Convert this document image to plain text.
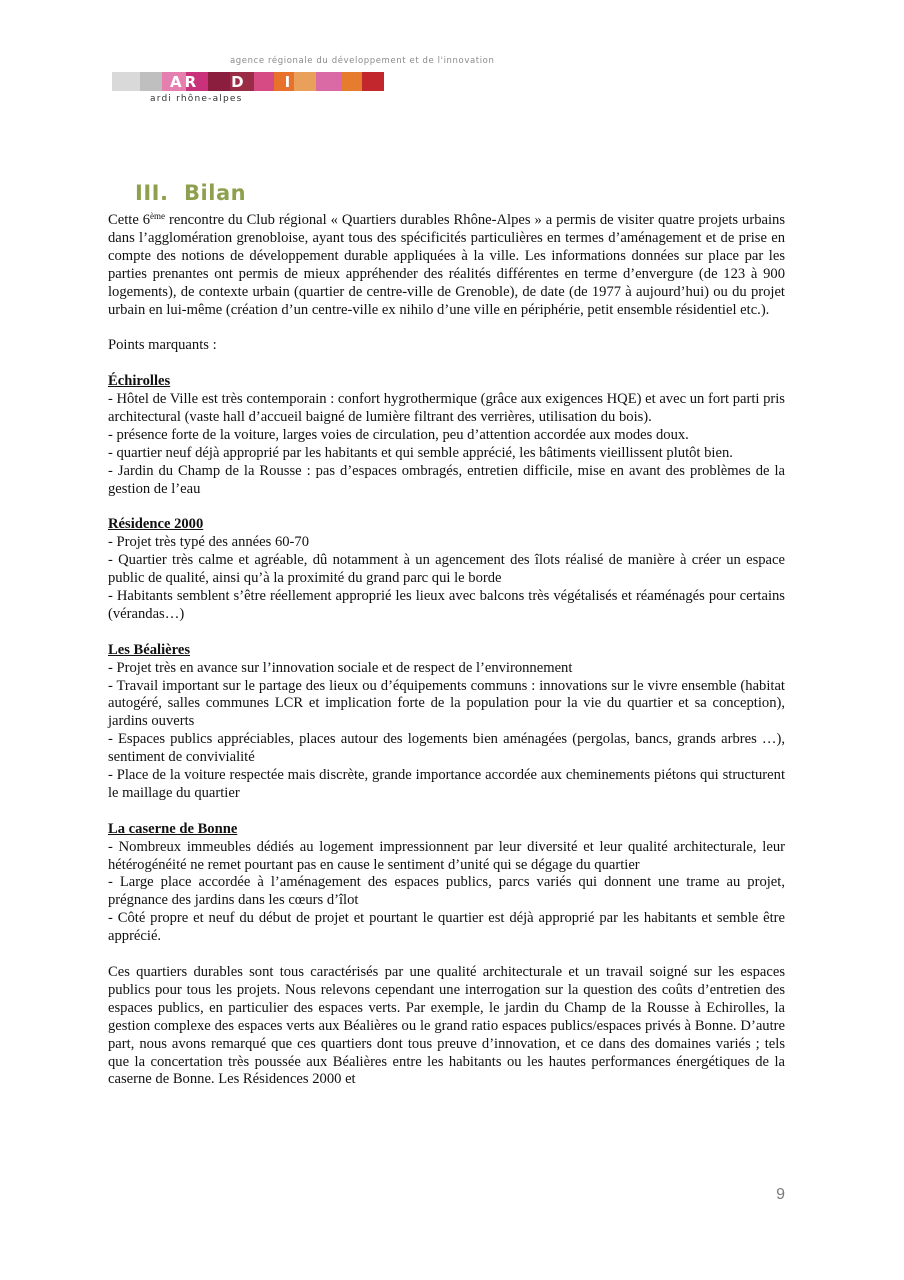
agence régionale du développement et de l'innovation
A R D	I
ardi rhône-alpes
III. Bilan

Cette 6ème rencontre du Club régional « Quartiers durables Rhône-Alpes » a permis de visiter quatre projets urbains dans l’agglomération grenobloise, ayant tous des spécificités particulières en termes d’aménagement et de prise en compte des notions de développement durable appliquées à la ville. Les informations données sur place par les parties prenantes ont permis de mieux appréhender des réalités différentes en terme d’envergure (de 123 à 900 logements), de contexte urbain (quartier de centre-ville de Grenoble), de date (de 1977 à aujourd’hui) ou du projet urbain en lui-même (création d’un centre-ville ex nihilo d’une ville en périphérie, petit ensemble résidentiel etc.).

Points marquants :

Échirolles

- Hôtel de Ville est très contemporain : confort hygrothermique (grâce aux exigences HQE) et avec un fort parti pris architectural (vaste hall d’accueil baigné de lumière filtrant des verrières, utilisation du bois).

- présence forte de la voiture, larges voies de circulation, peu d’attention accordée aux modes doux.

- quartier neuf déjà approprié par les habitants et qui semble apprécié, les bâtiments vieillissent plutôt bien.

- Jardin du Champ de la Rousse : pas d’espaces ombragés, entretien difficile, mise en avant des problèmes de la gestion de l’eau

Résidence 2000

- Projet très typé des années 60-70

- Quartier très calme et agréable, dû notamment à un agencement des îlots réalisé de manière à créer un espace public de qualité, ainsi qu’à la proximité du grand parc qui le borde

- Habitants semblent s’être réellement approprié les lieux avec balcons très végétalisés et réaménagés pour certains (vérandas…)

Les Béalières

- Projet très en avance sur l’innovation sociale et de respect de l’environnement

- Travail important sur le partage des lieux ou d’équipements communs : innovations sur le vivre ensemble (habitat autogéré, salles communes LCR et implication forte de la population pour la vie du quartier et sa conception), jardins ouverts

- Espaces publics appréciables, places autour des logements bien aménagées (pergolas, bancs, grands arbres …), sentiment de convivialité

- Place de la voiture respectée mais discrète, grande importance accordée aux cheminements piétons qui structurent le maillage du quartier

La caserne de Bonne

- Nombreux immeubles dédiés au logement impressionnent par leur diversité et leur qualité architecturale, leur hétérogénéité ne remet pourtant pas en cause le sentiment d’unité qui se dégage du quartier

- Large place accordée à l’aménagement des espaces publics, parcs variés qui donnent une trame au projet, prégnance des jardins dans les cœurs d’îlot

- Côté propre et neuf du début de projet et pourtant le quartier est déjà approprié par les habitants et semble être apprécié.

Ces quartiers durables sont tous caractérisés par une qualité architecturale et un travail soigné sur les espaces publics pour tous les projets. Nous relevons cependant une interrogation sur la question des coûts d’entretien des espaces publics, en particulier des espaces verts. Par exemple, le jardin du Champ de la Rousse à Echirolles, la gestion complexe des espaces verts aux Béalières ou le grand ratio espaces publics/espaces privés à Bonne. D’autre part, nous avons remarqué que ces quartiers dont tous preuve d’innovation, et ce dans des domaines variés ; tels que la concertation très poussée aux Béalières entre les habitants ou les hautes performances énergétiques de la caserne de Bonne. Les Résidences 2000 et

9
